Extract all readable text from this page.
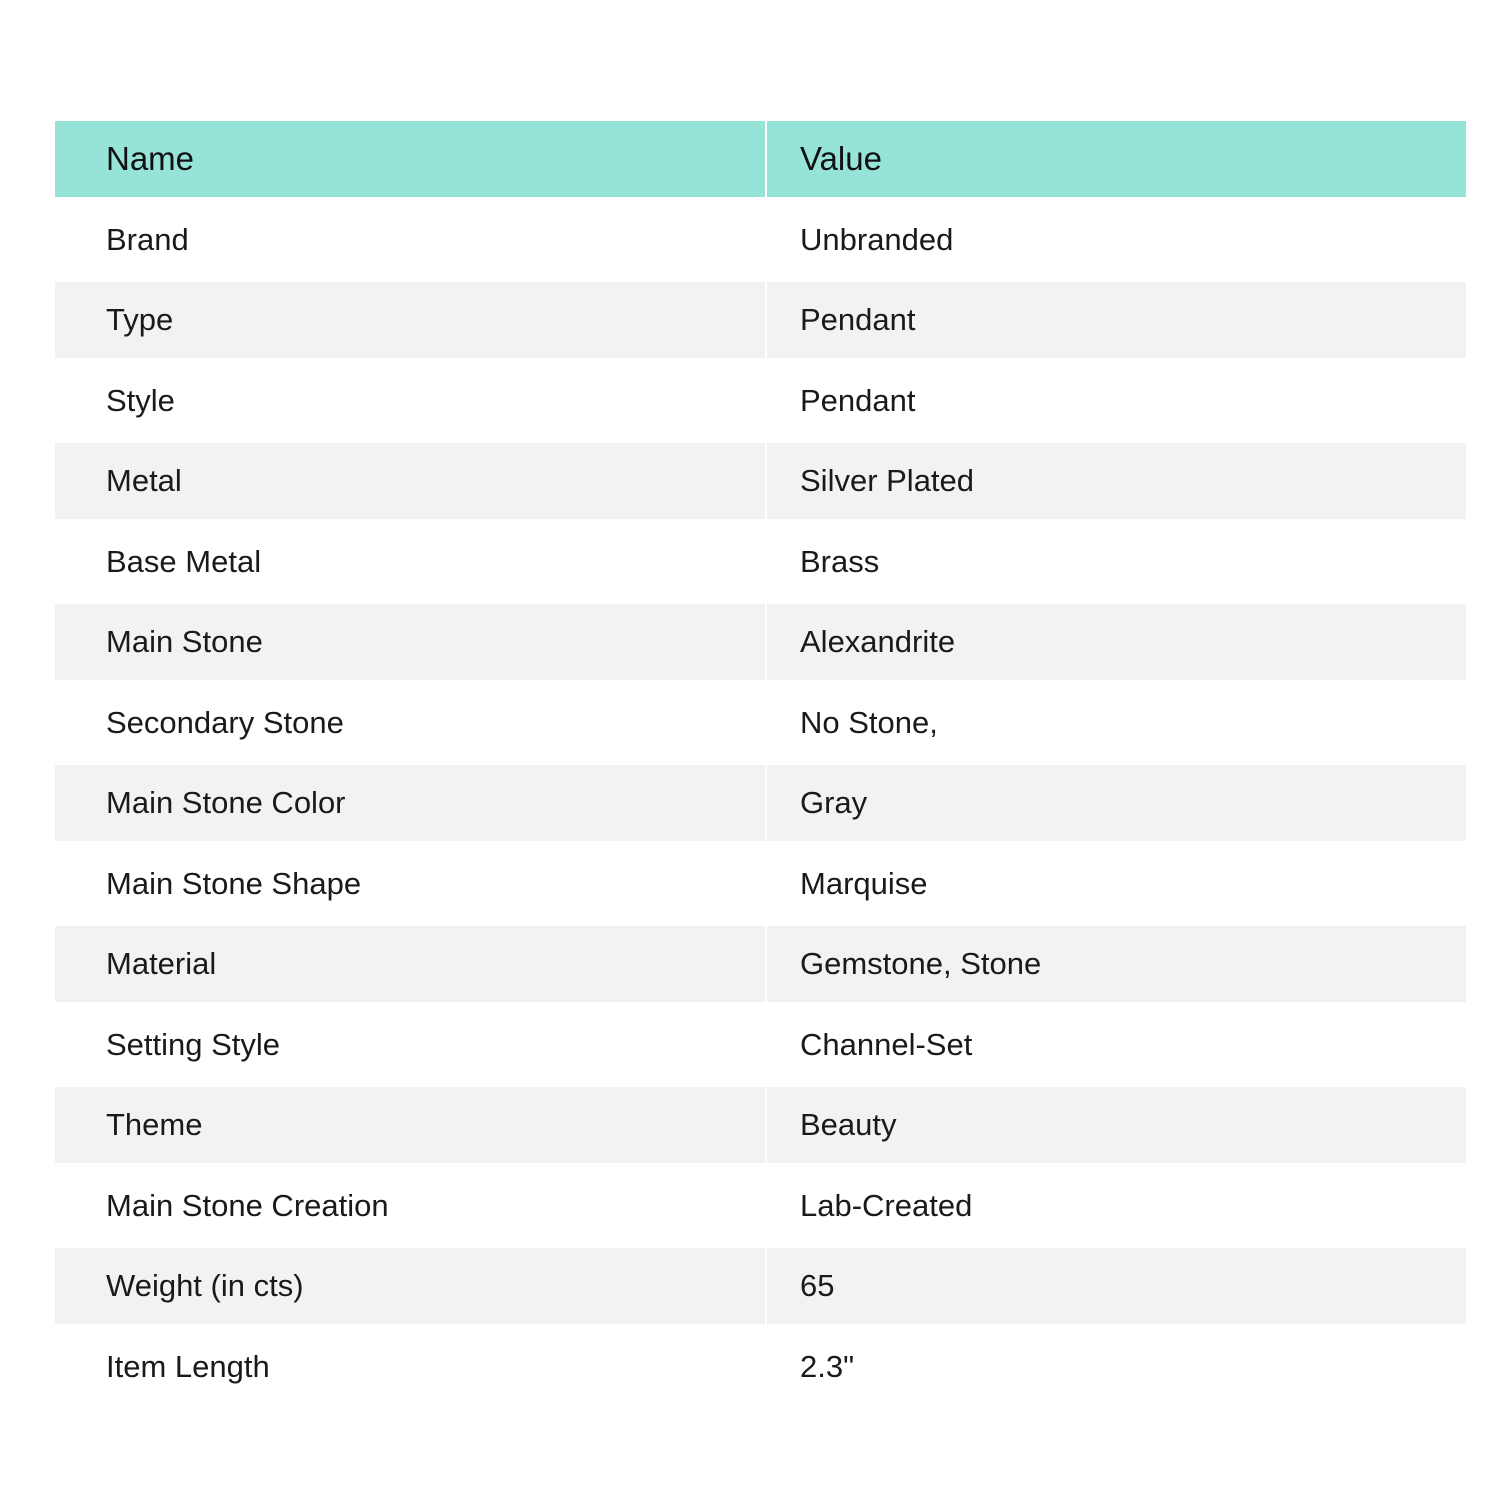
Name	Value
Brand	Unbranded
Type	Pendant
Style	Pendant
Metal	Silver Plated
Base Metal	Brass
Main Stone	Alexandrite
Secondary Stone	No Stone,
Main Stone Color	Gray
Main Stone Shape	Marquise
Material	Gemstone, Stone
Setting Style	Channel-Set
Theme	Beauty
Main Stone Creation	Lab-Created
Weight (in cts)	65
Item Length	2.3"
